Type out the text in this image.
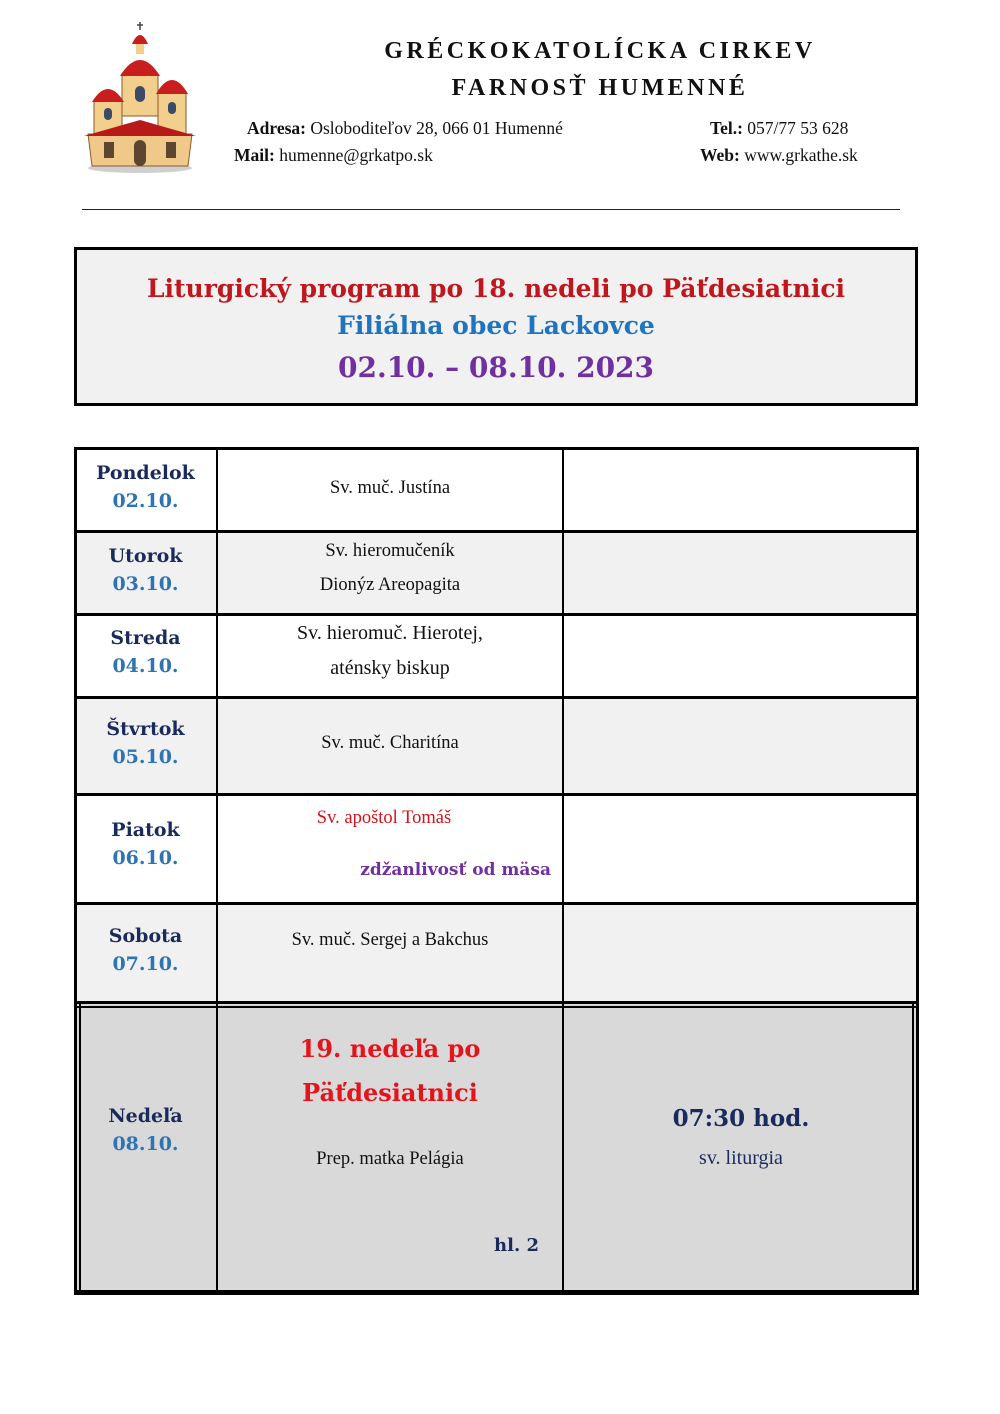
GRÉCKOKATOLÍCKA CIRKEV
FARNOSŤ HUMENNÉ
Adresa: Osloboditeľov 28, 066 01 Humenné	Tel.: 057/77 53 628
Mail: humenne@grkatpo.sk	Web: www.grkathe.sk
Liturgický program po 18. nedeli po Päťdesiatnici
Filiálna obec Lackovce
02.10. – 08.10. 2023
Pondelok
02.10.
Sv. muč. Justína
Utorok
03.10.
Sv. hieromučeník
Dionýz Areopagita
Streda
04.10.
Sv. hieromuč. Hierotej,
aténsky biskup
Štvrtok
05.10.
Sv. muč. Charitína
Piatok
06.10.
Sv. apoštol Tomáš
zdžanlivosť od mäsa
Sobota
07.10.
Sv. muč. Sergej a Bakchus
Nedeľa
08.10.
19. nedeľa po
Päťdesiatnici
Prep. matka Pelágia
hl. 2
07:30 hod.
sv. liturgia
